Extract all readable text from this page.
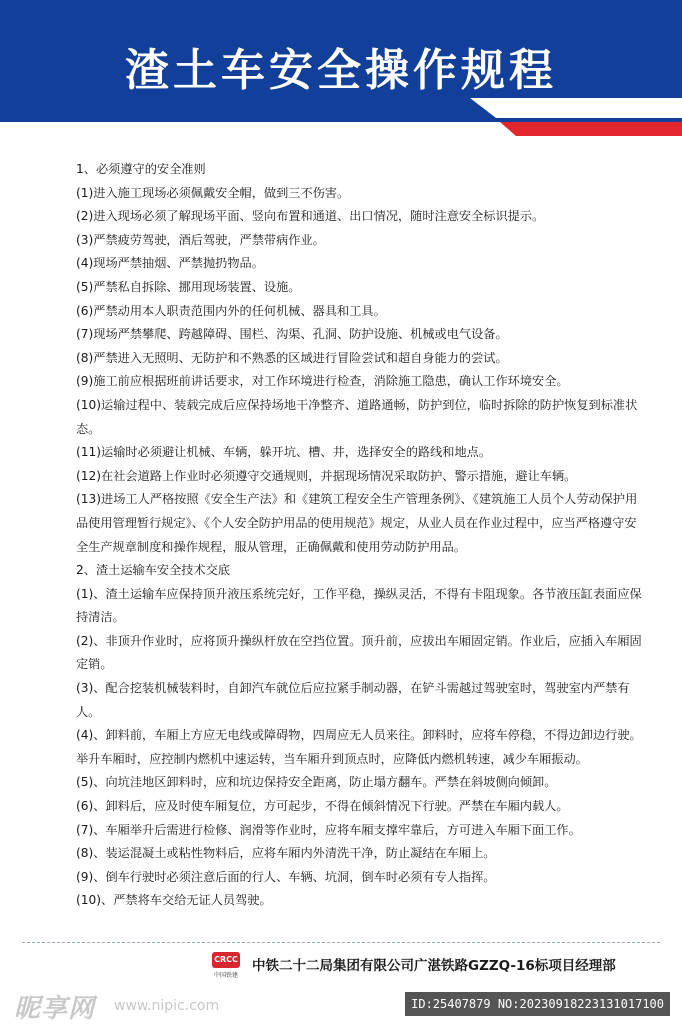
渣土车安全操作规程

1、必须遵守的安全准则

(1)进入施工现场必须佩戴安全帽，做到三不伤害。

(2)进入现场必须了解现场平面、竖向布置和通道、出口情况，随时注意安全标识提示。

(3)严禁疲劳驾驶，酒后驾驶，严禁带病作业。

(4)现场严禁抽烟、严禁抛扔物品。

(5)严禁私自拆除、挪用现场装置、设施。

(6)严禁动用本人职责范围内外的任何机械、器具和工具。

(7)现场严禁攀爬、跨越障碍、围栏、沟渠、孔洞、防护设施、机械或电气设备。

(8)严禁进入无照明、无防护和不熟悉的区域进行冒险尝试和超自身能力的尝试。

(9)施工前应根据班前讲话要求，对工作环境进行检查，消除施工隐患，确认工作环境安全。

(10)运输过程中、装载完成后应保持场地干净整齐、道路通畅，防护到位，临时拆除的防护恢复到标准状态。

(11)运输时必须避让机械、车辆，躲开坑、槽、井，选择安全的路线和地点。

(12)在社会道路上作业时必须遵守交通规则，并据现场情况采取防护、警示措施，避让车辆。

(13)进场工人严格按照《安全生产法》和《建筑工程安全生产管理条例》、《建筑施工人员个人劳动保护用品使用管理暂行规定》、《个人安全防护用品的使用规范》规定，从业人员在作业过程中，应当严格遵守安全生产规章制度和操作规程，服从管理，正确佩戴和使用劳动防护用品。

2、渣土运输车安全技术交底

(1)、渣土运输车应保持顶升液压系统完好，工作平稳，操纵灵活，不得有卡阻现象。各节液压缸表面应保持清洁。

(2)、非顶升作业时，应将顶升操纵杆放在空挡位置。顶升前，应拔出车厢固定销。作业后，应插入车厢固定销。

(3)、配合挖装机械装料时，自卸汽车就位后应拉紧手制动器，在铲斗需越过驾驶室时，驾驶室内严禁有人。

(4)、卸料前，车厢上方应无电线或障碍物，四周应无人员来往。卸料时，应将车停稳，不得边卸边行驶。举升车厢时，应控制内燃机中速运转，当车厢升到顶点时，应降低内燃机转速，减少车厢振动。

(5)、向坑洼地区卸料时，应和坑边保持安全距离，防止塌方翻车。严禁在斜坡侧向倾卸。

(6)、卸料后，应及时使车厢复位，方可起步，不得在倾斜情况下行驶。严禁在车厢内载人。

(7)、车厢举升后需进行检修、润滑等作业时，应将车厢支撑牢靠后，方可进入车厢下面工作。

(8)、装运混凝土或粘性物料后，应将车厢内外清洗干净，防止凝结在车厢上。

(9)、倒车行驶时必须注意后面的行人、车辆、坑洞，倒车时必须有专人指挥。

(10)、严禁将车交给无证人员驾驶。

CRCC
中国铁建
中铁二十二局集团有限公司广湛铁路GZZQ-16标项目经理部
昵享网 www.nipic.com	ID:25407879 NO:20230918223131017100
